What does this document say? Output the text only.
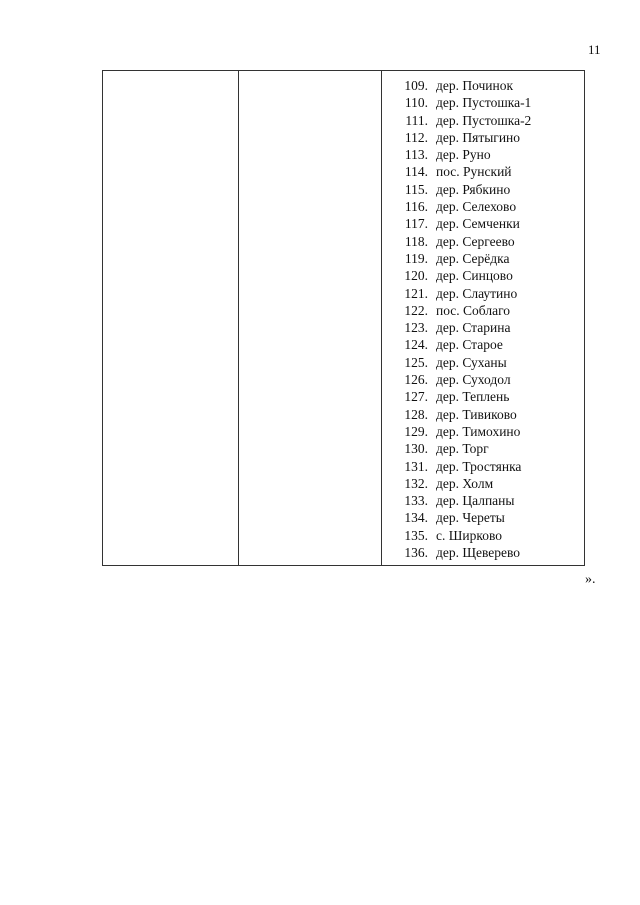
11
109. дер. Починок
110. дер. Пустошка-1
111. дер. Пустошка-2
112. дер. Пятыгино
113. дер. Руно
114. пос. Рунский
115. дер. Рябкино
116. дер. Селехово
117. дер. Семченки
118. дер. Сергеево
119. дер. Серёдка
120. дер. Синцово
121. дер. Слаутино
122. пос. Соблаго
123. дер. Старина
124. дер. Старое
125. дер. Суханы
126. дер. Суходол
127. дер. Теплень
128. дер. Тивиково
129. дер. Тимохино
130. дер. Торг
131. дер. Тростянка
132. дер. Холм
133. дер. Цалпаны
134. дер. Череты
135. с. Ширково
136. дер. Щеверево
».
